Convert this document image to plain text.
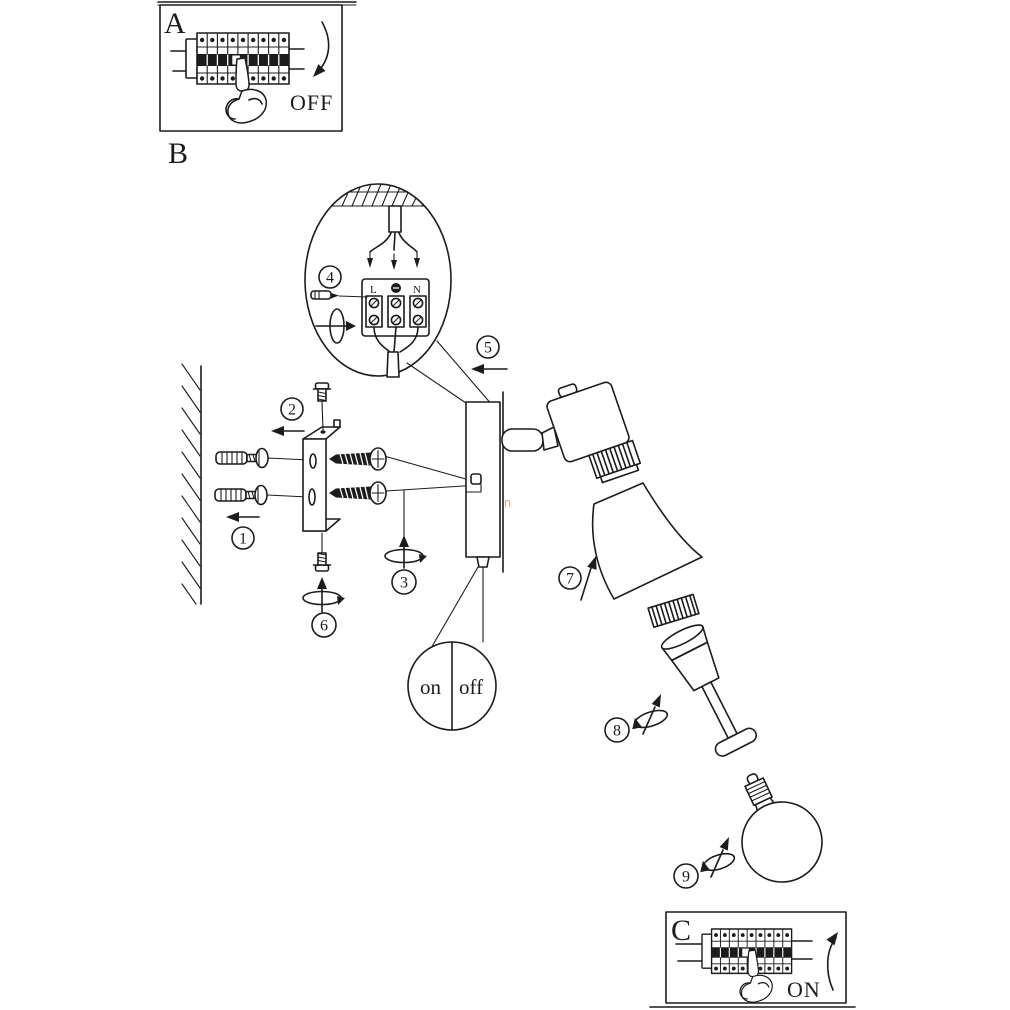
A
OFF
B
L	N
4
5
1
2
6
3
on off
7
8
9
C
ON
n
